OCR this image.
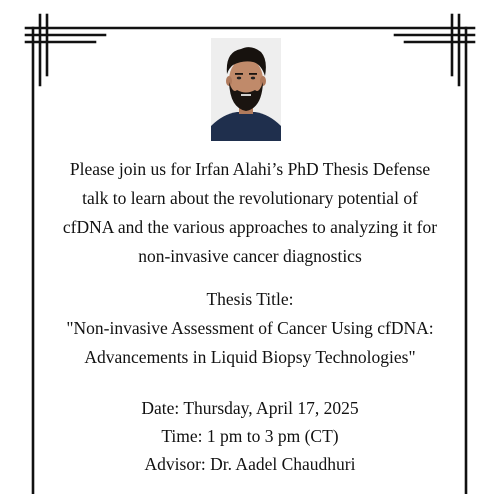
Please join us for Irfan Alahi’s PhD Thesis Defense
talk to learn about the revolutionary potential of
cfDNA and the various approaches to analyzing it for
non-invasive cancer diagnostics

Thesis Title:
"Non-invasive Assessment of Cancer Using cfDNA:
Advancements in Liquid Biopsy Technologies"
Date: Thursday, April 17, 2025
Time: 1 pm to 3 pm (CT)
Advisor: Dr. Aadel Chaudhuri
